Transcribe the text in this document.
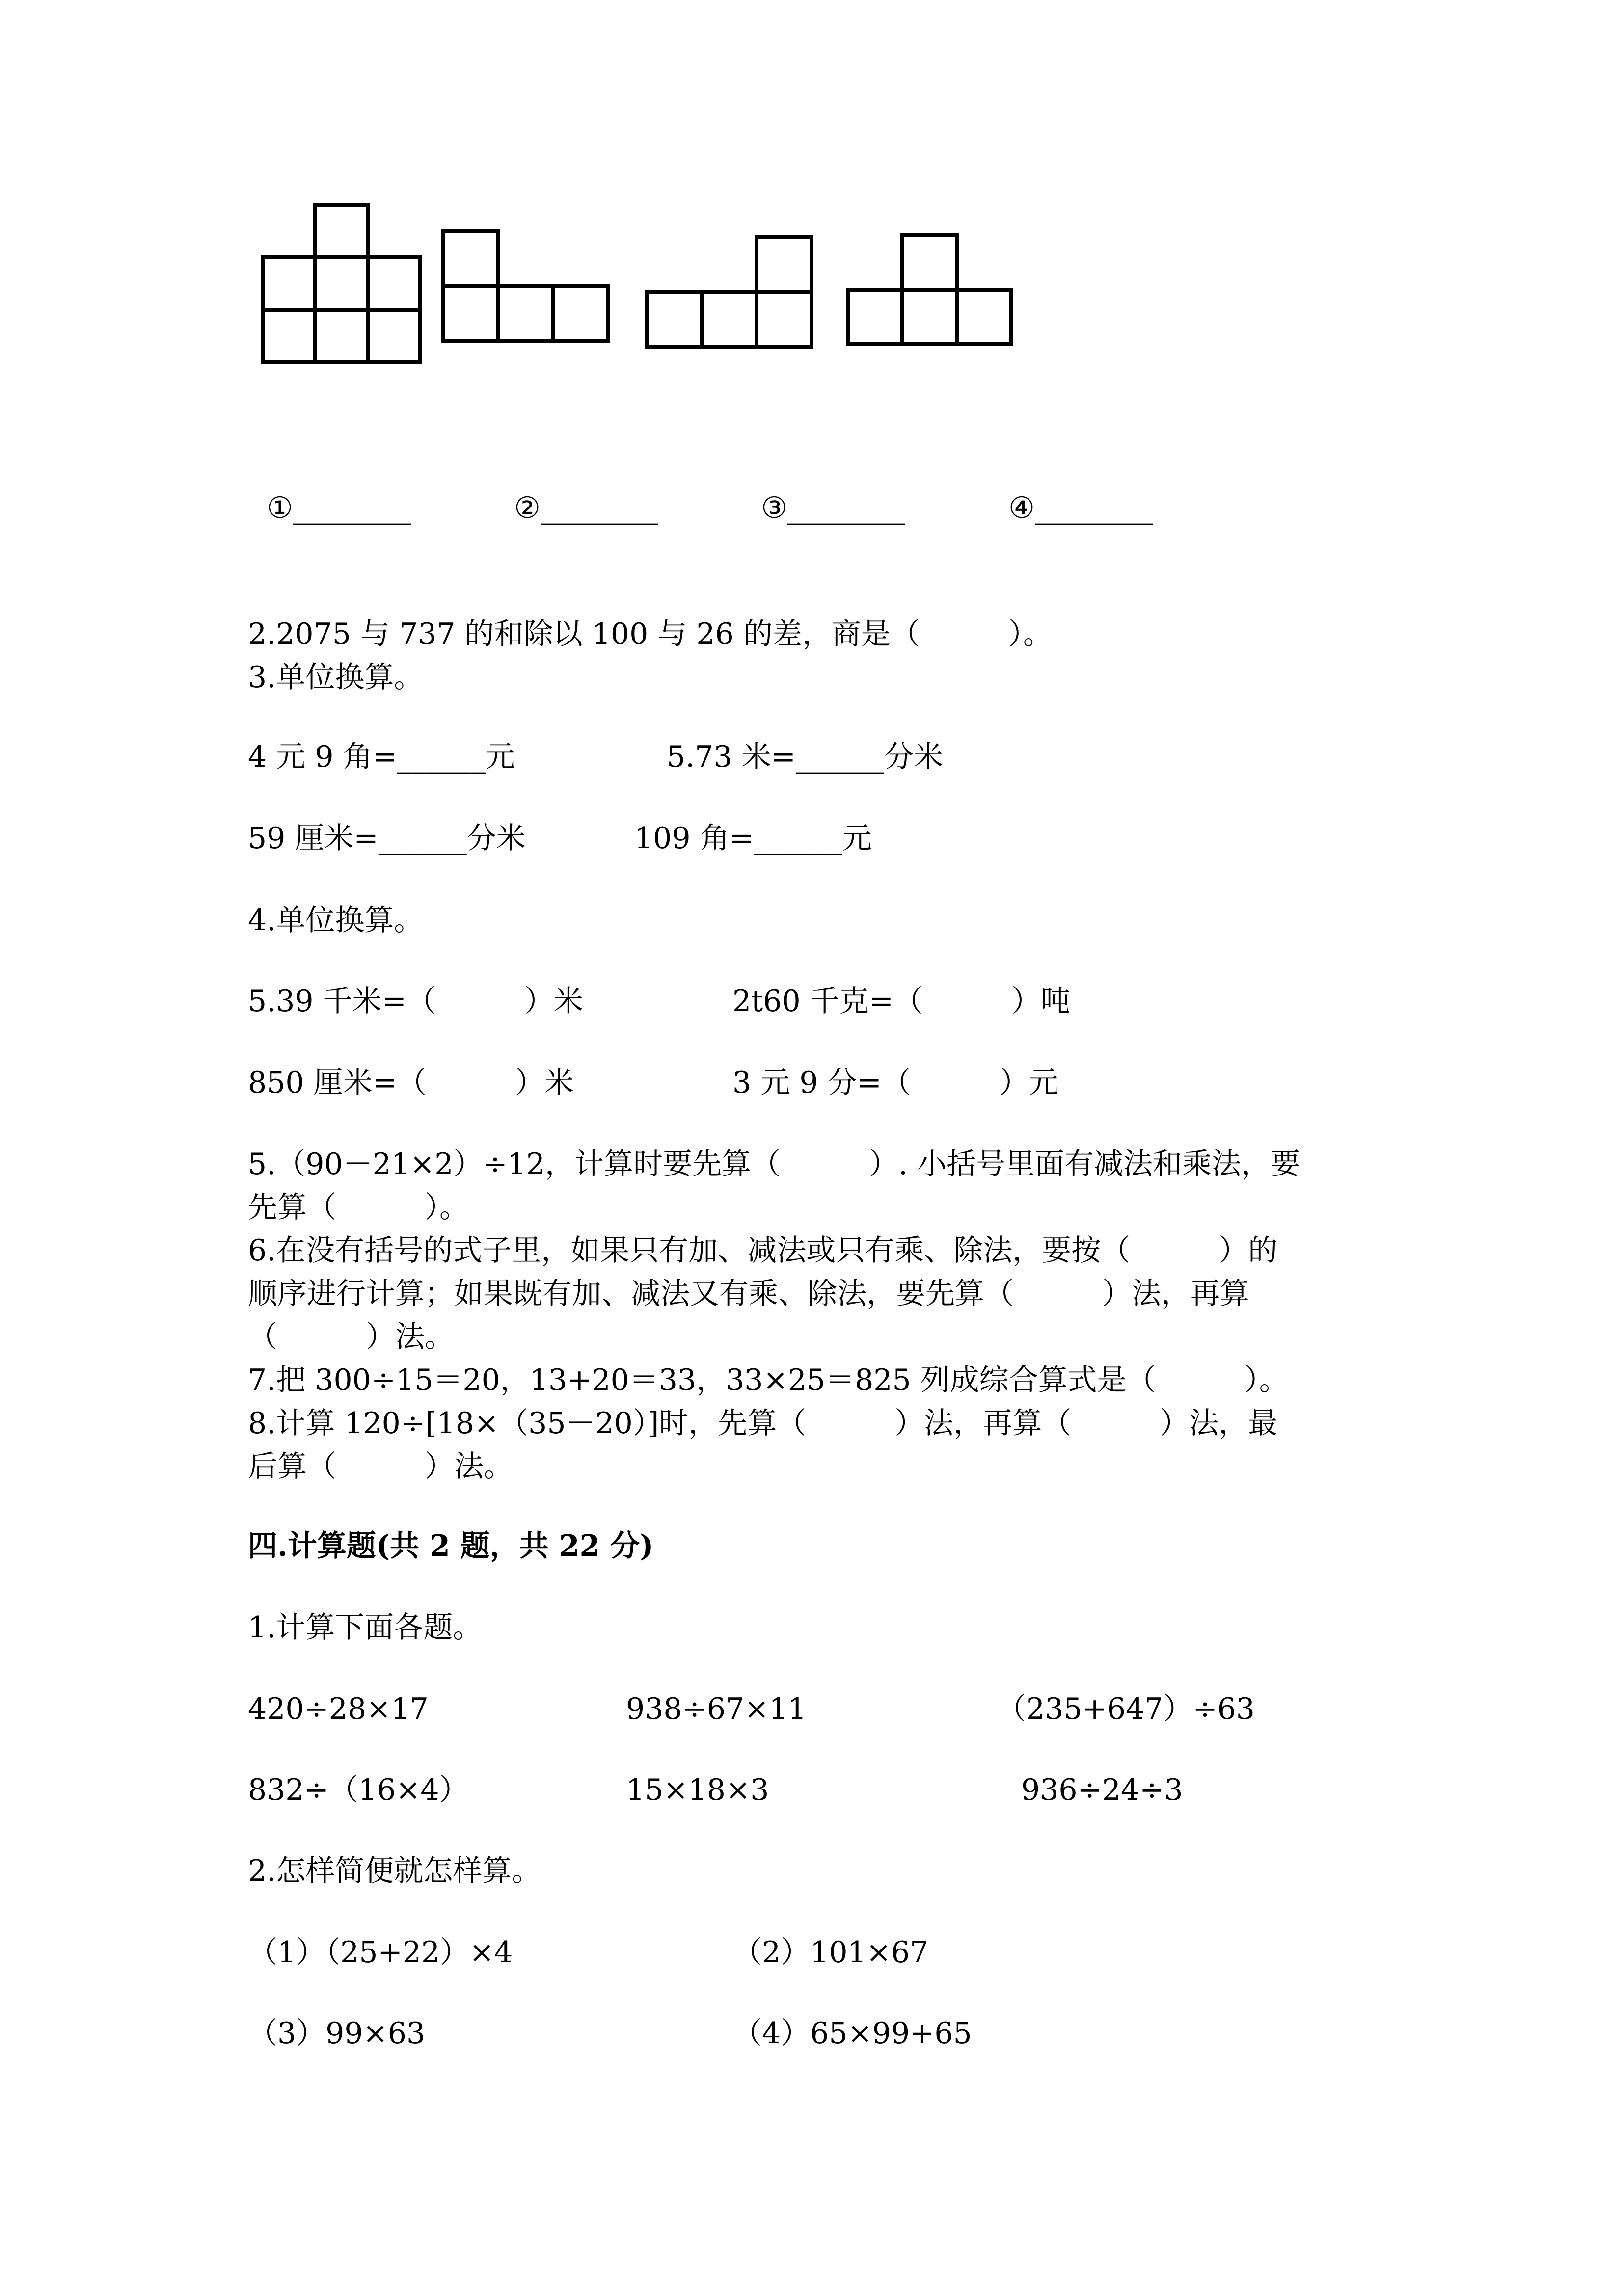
①________	②________	③________	④________

2.2075 与 737 的和除以 100 与 26 的差，商是（　　　）。
3.单位换算。
4 元 9 角=______元	5.73 米=______分米
59 厘米=______分米	109 角=______元
4.单位换算。
5.39 千米=（　　　）米	2t60 千克=（　　　）吨
850 厘米=（　　　）米	3 元 9 分=（　　　）元
5.（90－21×2）÷12，计算时要先算（　　　）. 小括号里面有减法和乘法，要
先算（　　　）。
6.在没有括号的式子里，如果只有加、减法或只有乘、除法，要按（　　　）的
顺序进行计算；如果既有加、减法又有乘、除法，要先算（　　　）法，再算
（　　　）法。
7.把 300÷15＝20，13+20＝33，33×25＝825 列成综合算式是（　　　）。
8.计算 120÷[18×（35－20）]时，先算（　　　）法，再算（　　　）法，最
后算（　　　）法。
四.计算题(共 2 题，共 22 分)
1.计算下面各题。
420÷28×17	938÷67×11	（235+647）÷63
832÷（16×4）	15×18×3	936÷24÷3
2.怎样简便就怎样算。
（1）（25+22）×4	（2）101×67
（3）99×63	（4）65×99+65
